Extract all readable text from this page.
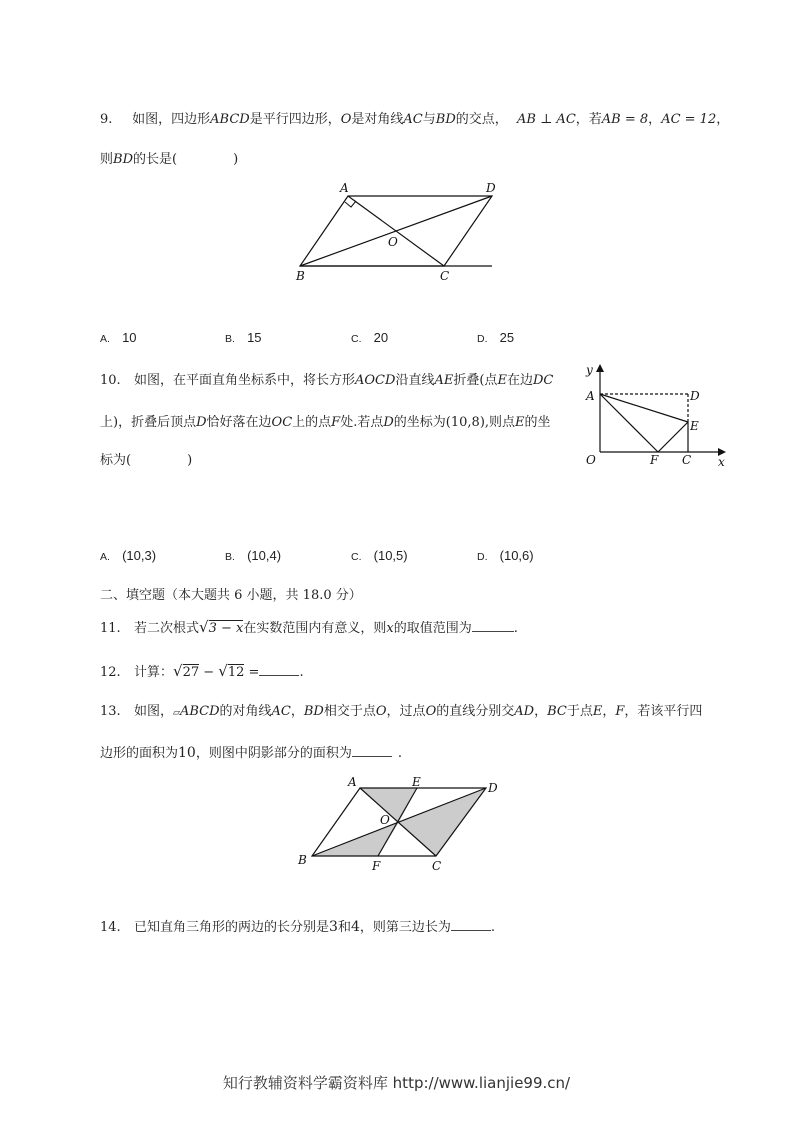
9. 如图，四边形ABCD是平行四边形，O是对角线AC与BD的交点， AB ⊥ AC，若AB = 8，AC = 12，
则BD的长是(	)
A	D
O
B	C
A. 10	B. 15	C. 20	D. 25
10. 如图，在平面直角坐标系中，将长方形AOCD沿直线AE折叠(点E在边DC
上)，折叠后顶点D恰好落在边OC上的点F处.若点D的坐标为(10,8),则点E的坐
标为(	)
y
x
A	D
E
O	F C
A. (10,3)	B. (10,4)	C. (10,5)	D. (10,6)
二、填空题（本大题共 6 小题，共 18.0 分）
11. 若二次根式√3 − x在实数范围内有意义，则x的取值范围为	.
12. 计算：√27 − √12 =	.
13. 如图，▱ABCD的对角线AC，BD相交于点O，过点O的直线分别交AD，BC于点E，F，若该平行四
边形的面积为10，则图中阴影部分的面积为	.
A	E	D
O
B	F	C
14. 已知直角三角形的两边的长分别是3和4，则第三边长为	.
知行教辅资料学霸资料库 http://www.lianjie99.cn/
